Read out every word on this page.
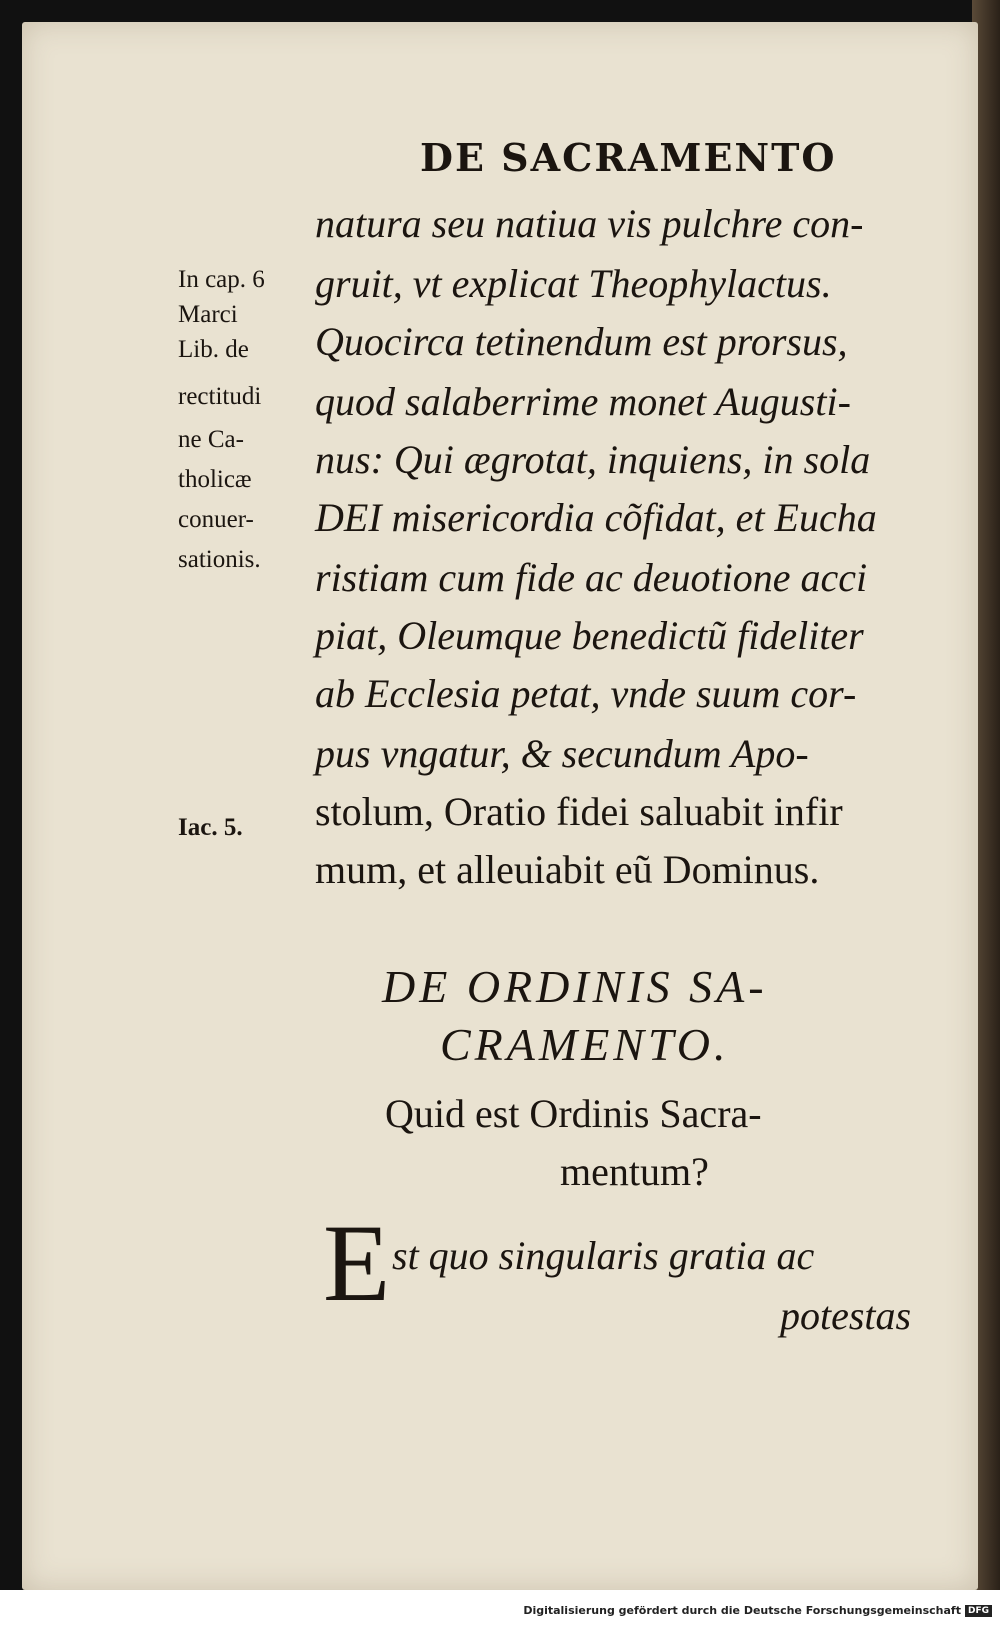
DE SACRAMENTO
natura seu natiua vis pulchre con-
gruit, vt explicat Theophylactus.
Quocirca tetinendum est prorsus,
quod salaberrime monet Augusti-
nus: Qui ægrotat, inquiens, in sola
DEI misericordia cõfidat, et Eucha
ristiam cum fide ac deuotione acci
piat, Oleumque benedictũ fideliter
ab Ecclesia petat, vnde suum cor-
pus vngatur, & secundum Apo-
stolum, Oratio fidei saluabit infir
mum, et alleuiabit eũ Dominus.
In cap. 6
Marci
Lib. de
rectitudi
ne Ca-
tholicæ
conuer-
sationis.
Iac. 5.
DE ORDINIS SA-
CRAMENTO.
Quid est Ordinis Sacra-
mentum?
E st quo singularis gratia ac
potestas
Digitalisierung gefördert durch die Deutsche Forschungsgemeinschaft DFG
